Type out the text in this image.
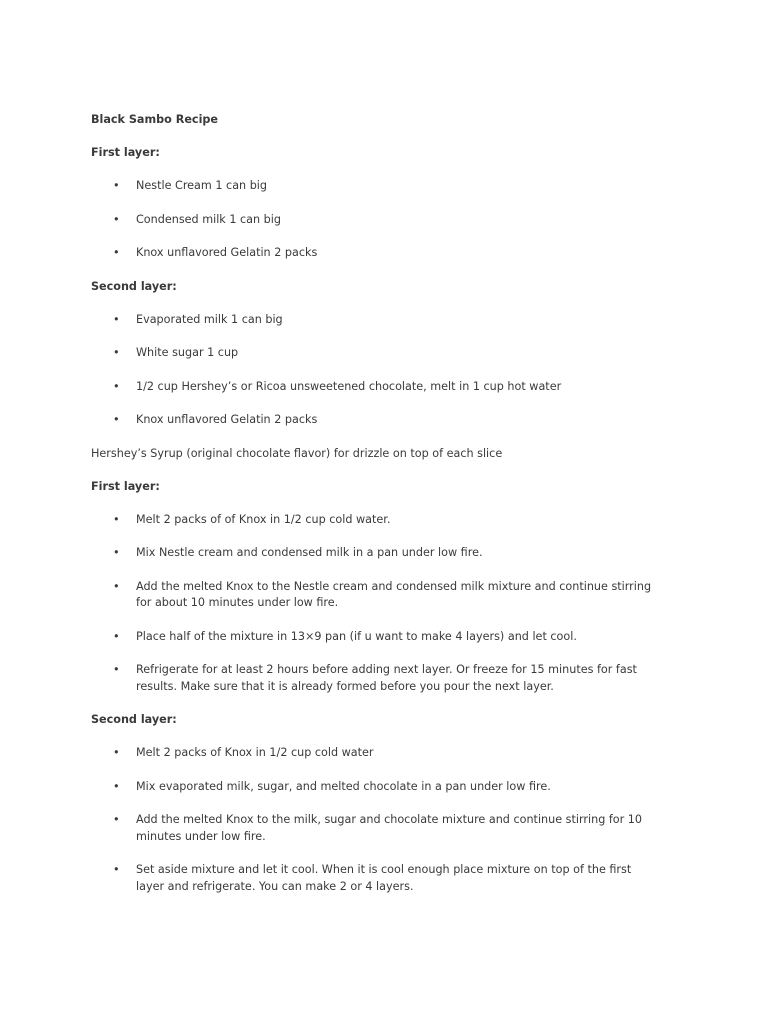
Black Sambo Recipe

First layer:

• Nestle Cream 1 can big
• Condensed milk 1 can big
• Knox unflavored Gelatin 2 packs

Second layer:

• Evaporated milk 1 can big
• White sugar 1 cup
• 1/2 cup Hershey’s or Ricoa unsweetened chocolate, melt in 1 cup hot water
• Knox unflavored Gelatin 2 packs

Hershey’s Syrup (original chocolate flavor) for drizzle on top of each slice

First layer:

• Melt 2 packs of of Knox in 1/2 cup cold water.
• Mix Nestle cream and condensed milk in a pan under low fire.
• Add the melted Knox to the Nestle cream and condensed milk mixture and continue stirring for about 10 minutes under low fire.
• Place half of the mixture in 13×9 pan (if u want to make 4 layers) and let cool.
• Refrigerate for at least 2 hours before adding next layer. Or freeze for 15 minutes for fast results. Make sure that it is already formed before you pour the next layer.

Second layer:

• Melt 2 packs of Knox in 1/2 cup cold water
• Mix evaporated milk, sugar, and melted chocolate in a pan under low fire.
• Add the melted Knox to the milk, sugar and chocolate mixture and continue stirring for 10 minutes under low fire.
• Set aside mixture and let it cool. When it is cool enough place mixture on top of the first layer and refrigerate. You can make 2 or 4 layers.
